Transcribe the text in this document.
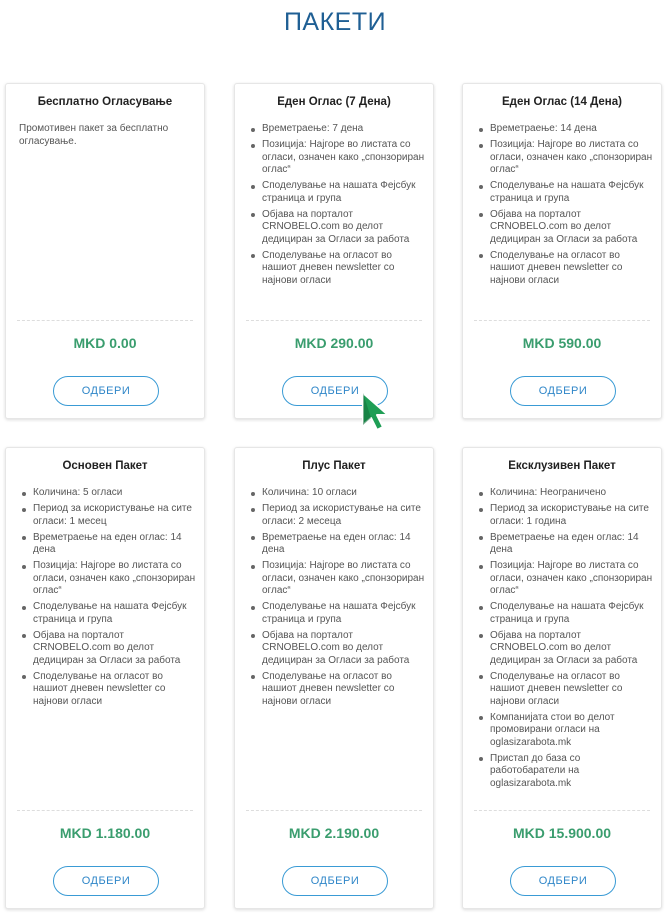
ПАКЕТИ
Бесплатно Огласување
Промотивен пакет за бесплатно огласување.
MKD 0.00
ОДБЕРИ
Еден Оглас (7 Дена)
Времетраење: 7 дена
Позиција: Најгоре во листата со огласи, означен како „спонзориран оглас“
Споделување на нашата Фејсбук страница и група
Објава на порталот CRNOBELO.com во делот дедициран за Огласи за работа
Споделување на огласот во нашиот дневен newsletter со најнови огласи
MKD 290.00
ОДБЕРИ
Еден Оглас (14 Дена)
Времетраење: 14 дена
Позиција: Најгоре во листата со огласи, означен како „спонзориран оглас“
Споделување на нашата Фејсбук страница и група
Објава на порталот CRNOBELO.com во делот дедициран за Огласи за работа
Споделување на огласот во нашиот дневен newsletter со најнови огласи
MKD 590.00
ОДБЕРИ
Основен Пакет
Количина: 5 огласи
Период за искористување на сите огласи: 1 месец
Времетраење на еден оглас: 14 дена
Позиција: Најгоре во листата со огласи, означен како „спонзориран оглас“
Споделување на нашата Фејсбук страница и група
Објава на порталот CRNOBELO.com во делот дедициран за Огласи за работа
Споделување на огласот во нашиот дневен newsletter со најнови огласи
MKD 1.180.00
ОДБЕРИ
Плус Пакет
Количина: 10 огласи
Период за искористување на сите огласи: 2 месеца
Времетраење на еден оглас: 14 дена
Позиција: Најгоре во листата со огласи, означен како „спонзориран оглас“
Споделување на нашата Фејсбук страница и група
Објава на порталот CRNOBELO.com во делот дедициран за Огласи за работа
Споделување на огласот во нашиот дневен newsletter со најнови огласи
MKD 2.190.00
ОДБЕРИ
Ексклузивен Пакет
Количина: Неограничено
Период за искористување на сите огласи: 1 година
Времетраење на еден оглас: 14 дена
Позиција: Најгоре во листата со огласи, означен како „спонзориран оглас“
Споделување на нашата Фејсбук страница и група
Објава на порталот CRNOBELO.com во делот дедициран за Огласи за работа
Споделување на огласот во нашиот дневен newsletter со најнови огласи
Компанијата стои во делот промовирани огласи на oglasizarabota.mk
Пристап до база со работобаратели на oglasizarabota.mk
MKD 15.900.00
ОДБЕРИ
